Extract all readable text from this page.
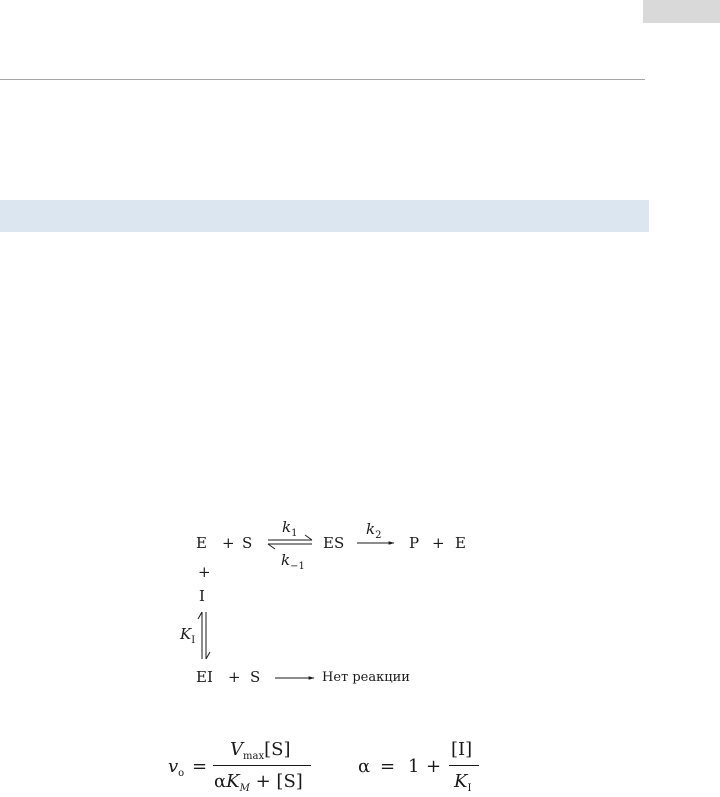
E + S
$k_1$
$k_{-1}$
ES
$k_2$ P + E
+
I
$K_I$
EI + S	Нет реакции
$v_o$ =
$V_{max}[S]$
$\alpha K_M + [S]$
α = 1 +
[I]
$K_I$
